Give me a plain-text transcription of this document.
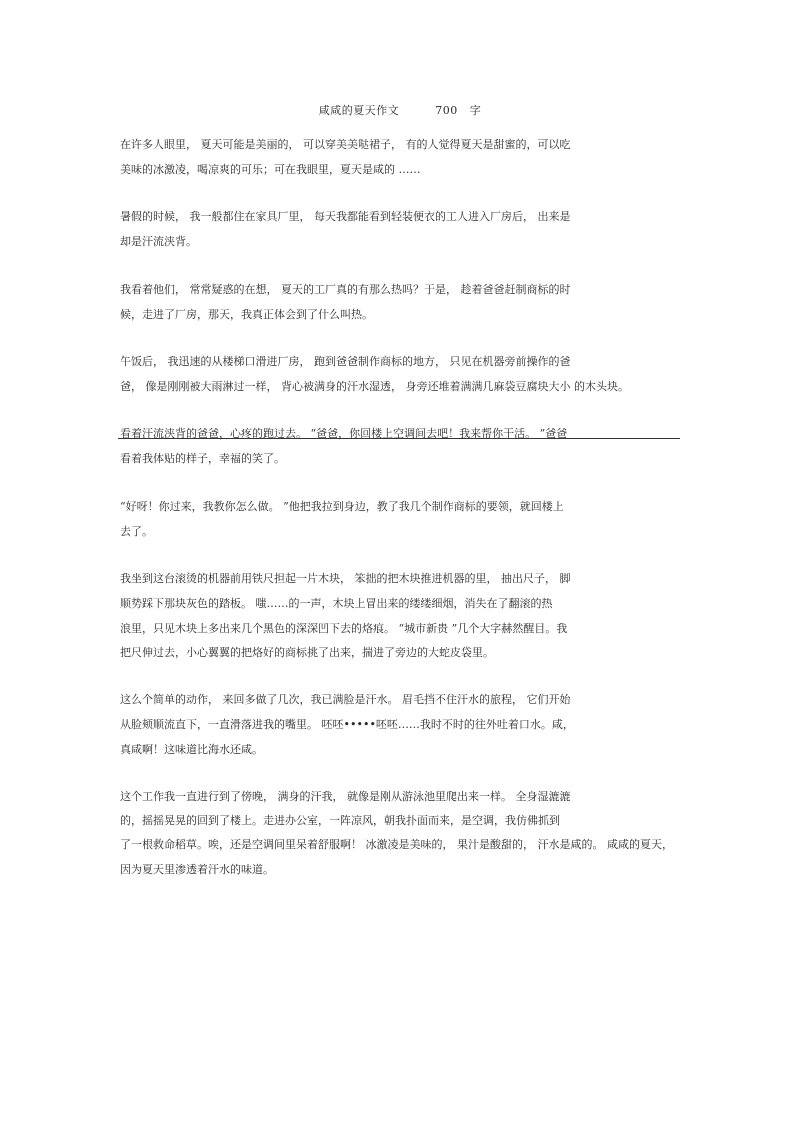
咸咸的夏天作文	700 字
在许多人眼里， 夏天可能是美丽的， 可以穿美美哒裙子， 有的人觉得夏天是甜蜜的，可以吃
美味的冰激凌，喝凉爽的可乐；可在我眼里，夏天是咸的 ……
暑假的时候， 我一般都住在家具厂里， 每天我都能看到轻装便衣的工人进入厂房后， 出来是
却是汗流浃背。
我看着他们， 常常疑惑的在想， 夏天的工厂真的有那么热吗？于是， 趁着爸爸赶制商标的时
候，走进了厂房，那天，我真正体会到了什么叫热。
午饭后， 我迅速的从楼梯口滑进厂房， 跑到爸爸制作商标的地方， 只见在机器旁前操作的爸
爸， 像是刚刚被大雨淋过一样， 背心被满身的汗水湿透， 身旁还堆着满满几麻袋豆腐块大小 的木头块。
看着汗流浃背的爸爸，心疼的跑过去。 “爸爸，你回楼上空调间去吧！我来帮你干活。 ”爸爸
看着我体贴的样子，幸福的笑了。
“好呀！你过来，我教你怎么做。 ”他把我拉到身边，教了我几个制作商标的要领，就回楼上
去了。
我坐到这台滚烫的机器前用铁尺担起一片木块， 笨拙的把木块推进机器的里， 抽出尺子， 脚
顺势踩下那块灰色的踏板。 嗤……的一声，木块上冒出来的缕缕细烟，消失在了翻滚的热
浪里，只见木块上多出来几个黑色的深深凹下去的烙痕。 “城市新贵 ”几个大字赫然醒目。我
把尺伸过去，小心翼翼的把烙好的商标挑了出来，揣进了旁边的大蛇皮袋里。
这么个简单的动作， 来回多做了几次，我已满脸是汗水。 眉毛挡不住汗水的旅程， 它们开始
从脸颊顺流直下，一直滑落进我的嘴里。 呸呸•••••呸呸……我时不时的往外吐着口水。咸，
真咸啊！这味道比海水还咸。
这个工作我一直进行到了傍晚， 满身的汗我， 就像是刚从游泳池里爬出来一样。 全身湿漉漉
的，摇摇晃晃的回到了楼上。走进办公室，一阵凉风，朝我扑面而来，是空调，我仿佛抓到
了一根救命稻草。唉，还是空调间里呆着舒服啊！ 冰激凌是美味的， 果汁是酸甜的， 汗水是咸的。 咸咸的夏天，
因为夏天里渗透着汗水的味道。
